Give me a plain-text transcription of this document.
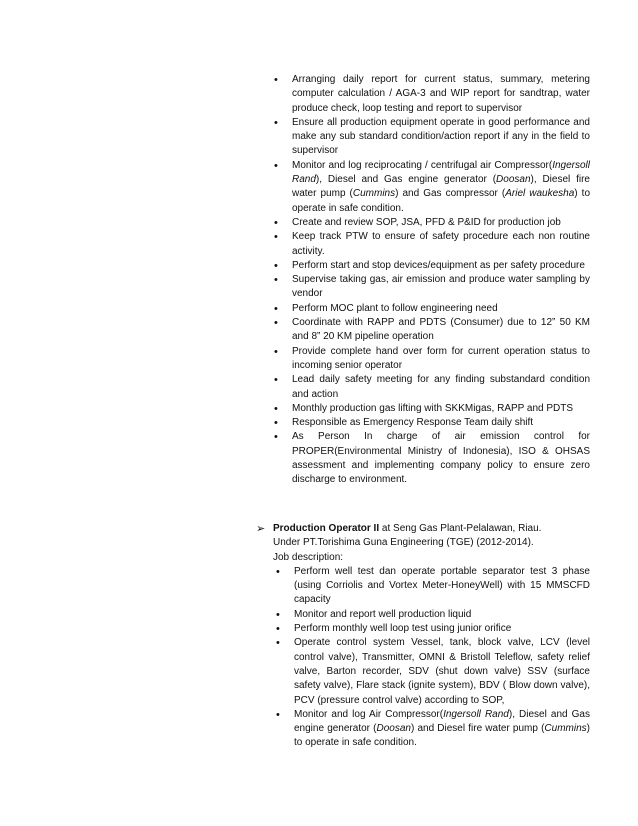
• Arranging daily report for current status, summary, metering computer calculation / AGA-3 and WIP report for sandtrap, water produce check, loop testing and report to supervisor
• Ensure all production equipment operate in good performance and make any sub standard condition/action report if any in the field to supervisor
• Monitor and log reciprocating / centrifugal air Compressor(Ingersoll Rand), Diesel and Gas engine generator (Doosan), Diesel fire water pump (Cummins) and Gas compressor (Ariel waukesha) to operate in safe condition.
• Create and review SOP, JSA, PFD & P&ID for production job
• Keep track PTW to ensure of safety procedure each non routine activity.
• Perform start and stop devices/equipment as per safety procedure
• Supervise taking gas, air emission and produce water sampling by vendor
• Perform MOC plant to follow engineering need
• Coordinate with RAPP and PDTS (Consumer) due to 12” 50 KM and 8” 20 KM pipeline operation
• Provide complete hand over form for current operation status to incoming senior operator
• Lead daily safety meeting for any finding substandard condition and action
• Monthly production gas lifting with SKKMigas, RAPP and PDTS
• Responsible as Emergency Response Team daily shift
• As Person In charge of air emission control for PROPER(Environmental Ministry of Indonesia), ISO & OHSAS assessment and implementing company policy to ensure zero discharge to environment.
➢ Production Operator II at Seng Gas Plant-Pelalawan, Riau.
Under PT.Torishima Guna Engineering (TGE) (2012-2014).
Job description:
• Perform well test dan operate portable separator test 3 phase (using Corriolis and Vortex Meter-HoneyWell) with 15 MMSCFD capacity
• Monitor and report well production liquid
• Perform monthly well loop test using junior orifice
• Operate control system Vessel, tank, block valve, LCV (level control valve), Transmitter, OMNI & Bristoll Teleflow, safety relief valve, Barton recorder, SDV (shut down valve) SSV (surface safety valve), Flare stack (ignite system), BDV ( Blow down valve), PCV (pressure control valve) according to SOP,
• Monitor and log Air Compressor(Ingersoll Rand), Diesel and Gas engine generator (Doosan) and Diesel fire water pump (Cummins) to operate in safe condition.
